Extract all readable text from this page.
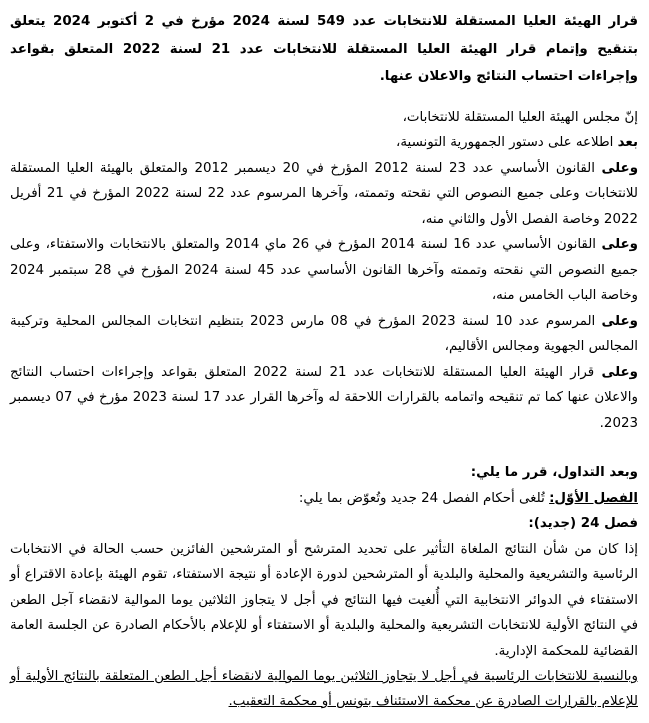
قرار الهيئة العليا المستقلة للانتخابات عدد 549 لسنة 2024 مؤرخ في 2 أكتوبر 2024 يتعلق بتنقيح وإتمام قرار الهيئة العليا المستقلة للانتخابات عدد 21 لسنة 2022 المتعلق بقواعد وإجراءات احتساب النتائج والاعلان عنها.
إنّ مجلس الهيئة العليا المستقلة للانتخابات،
بعد اطلاعه على دستور الجمهورية التونسية،
وعلى القانون الأساسي عدد 23 لسنة 2012 المؤرخ في 20 ديسمبر 2012 والمتعلق بالهيئة العليا المستقلة للانتخابات وعلى جميع النصوص التي نقحته وتممته، وآخرها المرسوم عدد 22 لسنة 2022 المؤرخ في 21 أفريل 2022 وخاصة الفصل الأول والثاني منه،
وعلى القانون الأساسي عدد 16 لسنة 2014 المؤرخ في 26 ماي 2014 والمتعلق بالانتخابات والاستفتاء، وعلى جميع النصوص التي نقحته وتممته وآخرها القانون الأساسي عدد 45 لسنة 2024 المؤرخ في 28 سبتمبر 2024 وخاصة الباب الخامس منه،
وعلى المرسوم عدد 10 لسنة 2023 المؤرخ في 08 مارس 2023 بتنظيم انتخابات المجالس المحلية وتركيبة المجالس الجهوية ومجالس الأقاليم،
وعلى قرار الهيئة العليا المستقلة للانتخابات عدد 21 لسنة 2022 المتعلق بقواعد وإجراءات احتساب النتائج والاعلان عنها كما تم تنقيحه واتمامه بالقرارات اللاحقة له وآخرها القرار عدد 17 لسنة 2023 مؤرخ في 07 ديسمبر 2023.
وبعد التداول، قرر ما يلي:
الفصل الأوّل: تُلغى أحكام الفصل 24 جديد وتُعوّض بما يلي:
فصل 24 (جديد):
إذا كان من شأن النتائج الملغاة التأثير على تحديد المترشح أو المترشحين الفائزين حسب الحالة في الانتخابات الرئاسية والتشريعية والمحلية والبلدية أو المترشحين لدورة الإعادة أو نتيجة الاستفتاء، تقوم الهيئة بإعادة الاقتراع أو الاستفتاء في الدوائر الانتخابية التي أُلغيت فيها النتائج في أجل لا يتجاوز الثلاثين يوما الموالية لانقضاء آجل الطعن في النتائج الأولية للانتخابات التشريعية والمحلية والبلدية أو الاستفتاء أو للإعلام بالأحكام الصادرة عن الجلسة العامة القضائية للمحكمة الإدارية.
وبالنسبة للانتخابات الرئاسية في أجل لا يتجاوز الثلاثين يوما الموالية لانقضاء أجل الطعن المتعلقة بالنتائج الأولية أو للإعلام بالقرارات الصادرة عن محكمة الاستئناف بتونس أو محكمة التعقيب.
